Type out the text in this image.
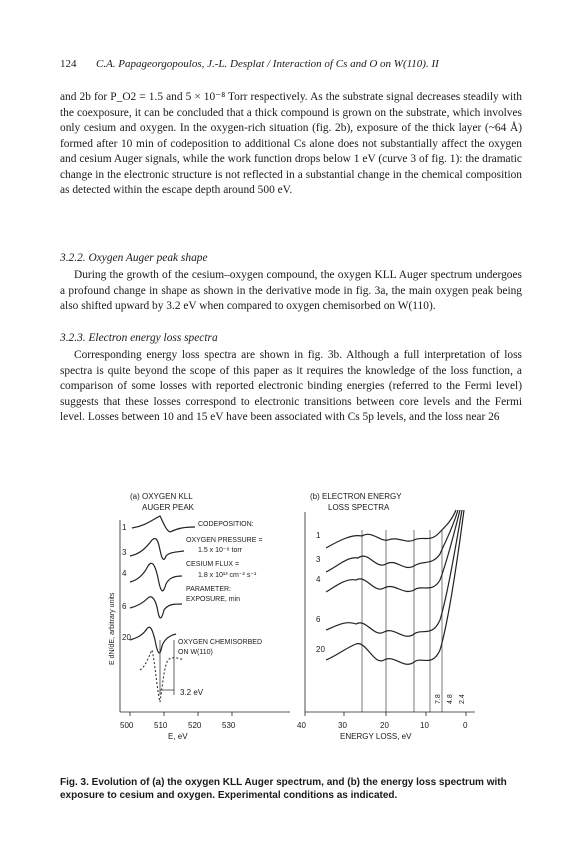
124 C.A. Papageorgopoulos, J.-L. Desplat / Interaction of Cs and O on W(110). II

and 2b for P_O2 = 1.5 and 5 × 10⁻⁸ Torr respectively. As the substrate signal decreases steadily with the coexposure, it can be concluded that a thick compound is grown on the substrate, which involves only cesium and oxygen. In the oxygen-rich situation (fig. 2b), exposure of the thick layer (~64 Å) formed after 10 min of codeposition to additional Cs alone does not substantially affect the oxygen and cesium Auger signals, while the work function drops below 1 eV (curve 3 of fig. 1): the dramatic change in the electronic structure is not reflected in a substantial change in the chemical composition as detected within the escape depth around 500 eV.

3.2.2. Oxygen Auger peak shape

During the growth of the cesium–oxygen compound, the oxygen KLL Auger spectrum undergoes a profound change in shape as shown in the derivative mode in fig. 3a, the main oxygen peak being also shifted upward by 3.2 eV when compared to oxygen chemisorbed on W(110).

3.2.3. Electron energy loss spectra

Corresponding energy loss spectra are shown in fig. 3b. Although a full interpretation of loss spectra is quite beyond the scope of this paper as it requires the knowledge of the loss function, a comparison of some losses with reported electronic binding energies (referred to the Fermi level) suggests that these losses correspond to electronic transitions between core levels and the Fermi level. Losses between 10 and 15 eV have been associated with Cs 5p levels, and the loss near 26

(a) OXYGEN KLL
AUGER PEAK
E dN/dE, arbitrary units
1
3
4
6
20
3.2 eV
CODEPOSITION:
OXYGEN PRESSURE =
1.5 x 10⁻⁸ torr
CESIUM FLUX =
1.8 x 10¹³ cm⁻² s⁻¹
PARAMETER:
EXPOSURE, min
OXYGEN CHEMISORBED
ON W(110)
500	510	520	530
E, eV
(b) ELECTRON ENERGY
LOSS SPECTRA
1
3
4
6
20
7.8 4.8 2.4
40	30	20	10	0
ENERGY LOSS, eV
Fig. 3. Evolution of (a) the oxygen KLL Auger spectrum, and (b) the energy loss spectrum with exposure to cesium and oxygen. Experimental conditions as indicated.
